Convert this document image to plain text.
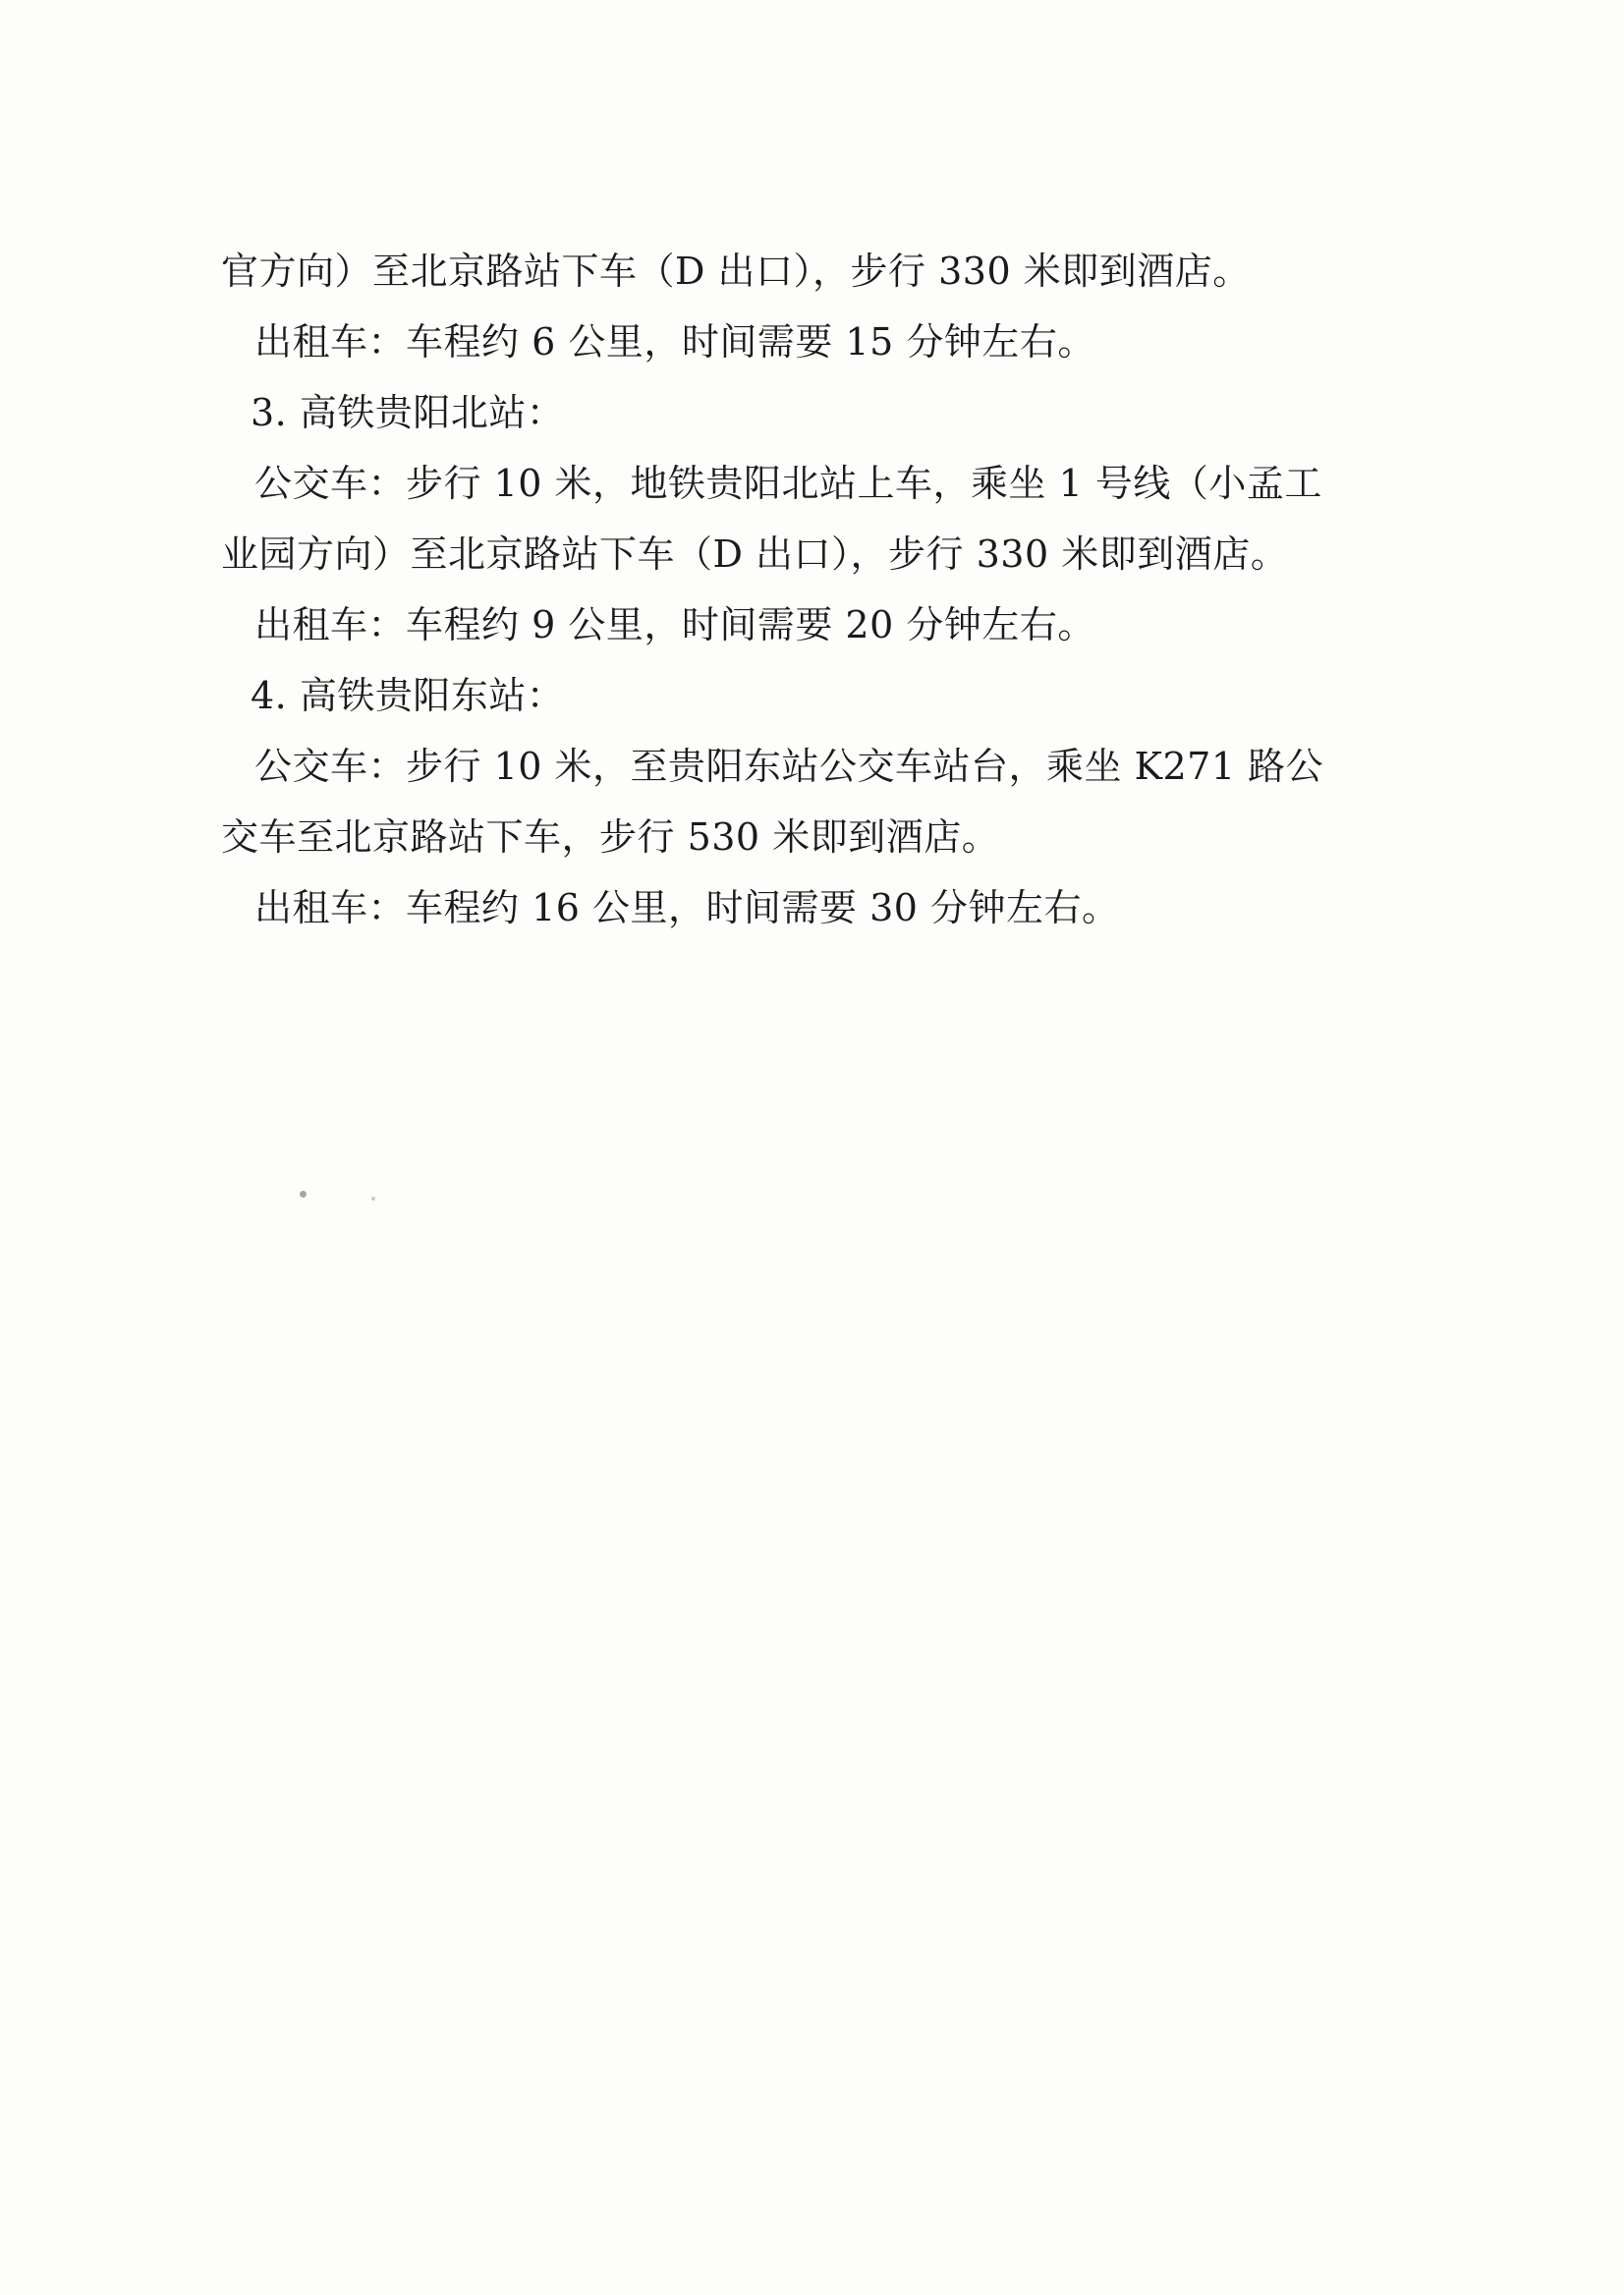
官方向）至北京路站下车（D 出口），步行 330 米即到酒店。
出租车：车程约 6 公里，时间需要 15 分钟左右。
3. 高铁贵阳北站：
公交车：步行 10 米，地铁贵阳北站上车，乘坐 1 号线（小孟工
业园方向）至北京路站下车（D 出口），步行 330 米即到酒店。
出租车：车程约 9 公里，时间需要 20 分钟左右。
4. 高铁贵阳东站：
公交车：步行 10 米，至贵阳东站公交车站台，乘坐 K271 路公
交车至北京路站下车，步行 530 米即到酒店。
出租车：车程约 16 公里，时间需要 30 分钟左右。
